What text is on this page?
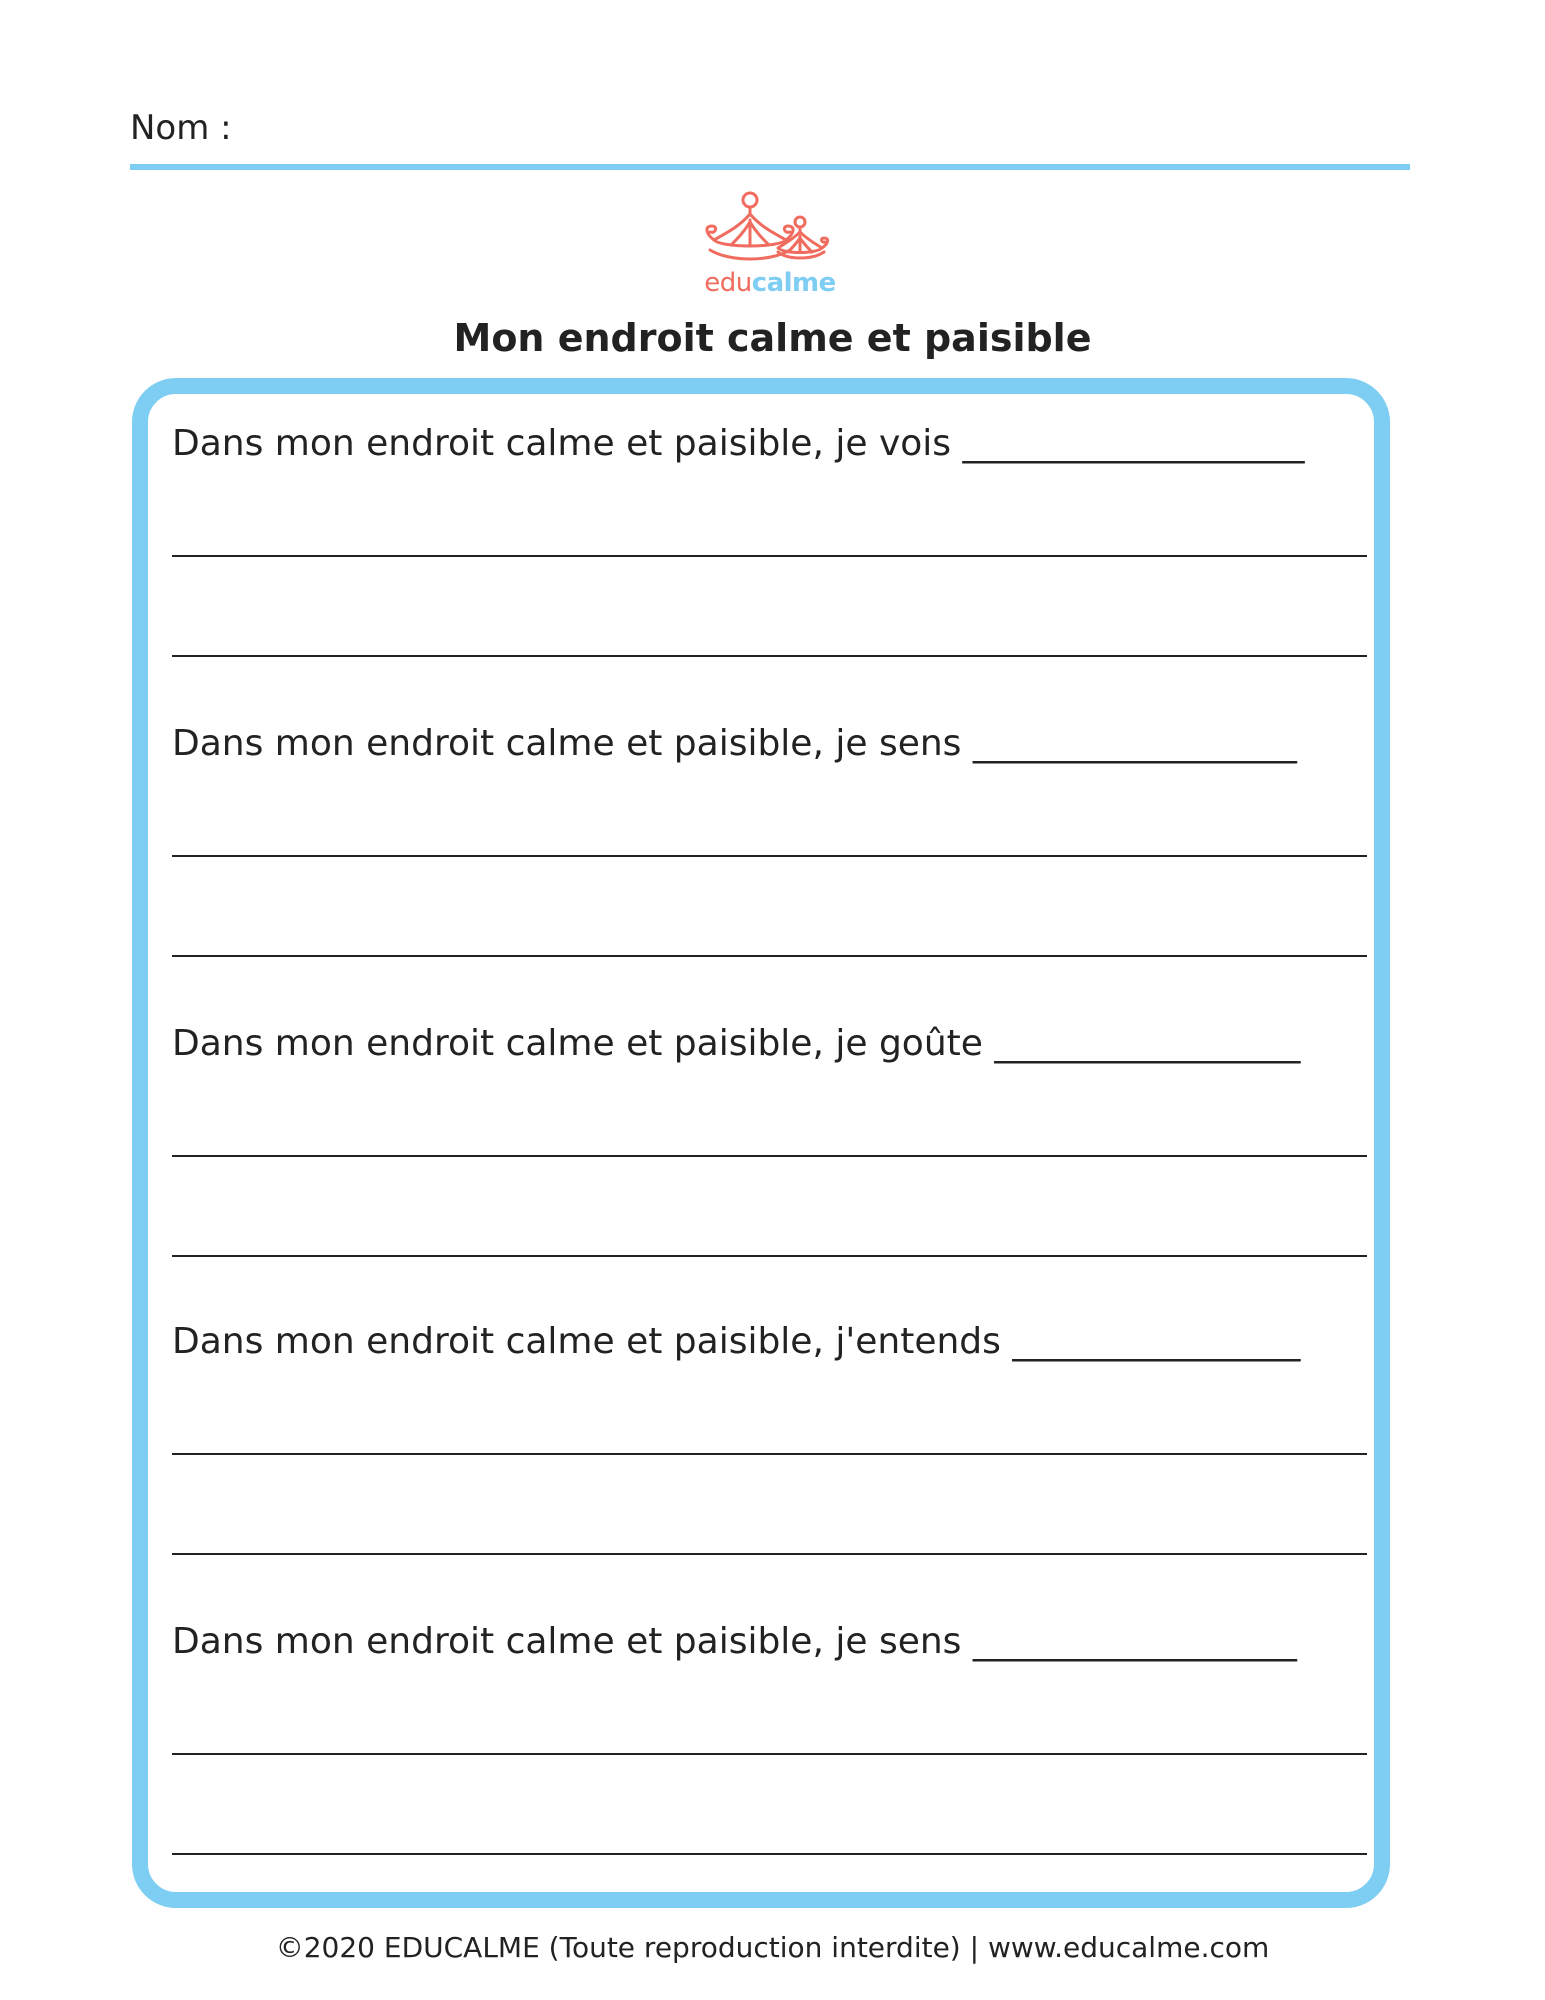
Nom :
educalme
Mon endroit calme et paisible
Dans mon endroit calme et paisible, je vois ___________________
Dans mon endroit calme et paisible, je sens __________________
Dans mon endroit calme et paisible, je goûte _________________
Dans mon endroit calme et paisible, j'entends ________________
Dans mon endroit calme et paisible, je sens __________________
©2020 EDUCALME (Toute reproduction interdite) | www.educalme.com
